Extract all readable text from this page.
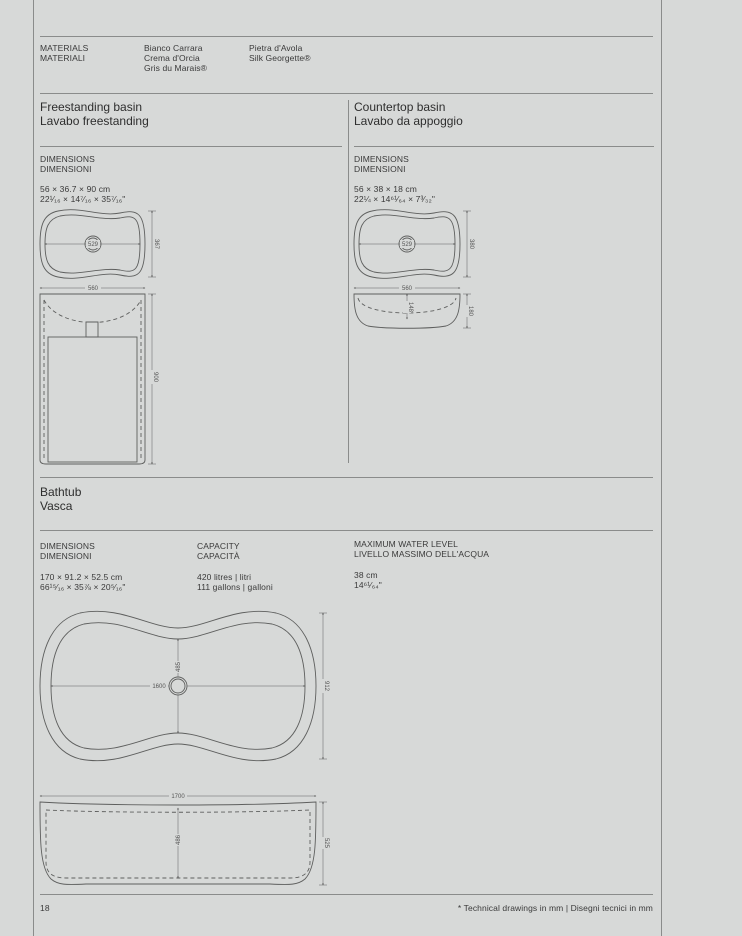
MATERIALS
MATERIALI
Bianco Carrara
Crema d'Orcia
Gris du Marais®
Pietra d'Avola
Silk Georgette®
Freestanding basin
Lavabo freestanding
DIMENSIONS
DIMENSIONI
56 × 36.7 × 90 cm
22¹⁄₁₆ × 14⁷⁄₁₆ × 35⁷⁄₁₆"
Countertop basin
Lavabo da appoggio
DIMENSIONS
DIMENSIONI
56 × 38 × 18 cm
22¼ × 14⁶¹⁄₆₄ × 7³⁄₃₂"
Bathtub
Vasca
DIMENSIONS
DIMENSIONI
170 × 91.2 × 52.5 cm
66¹⁵⁄₁₆ × 35⅞ × 20⁵⁄₁₆"
CAPACITY
CAPACITÀ
420 litres | litri
111 gallons | galloni
MAXIMUM WATER LEVEL
LIVELLO MASSIMO DELL'ACQUA
38 cm
14⁶¹⁄₆₄"
529	367
560
900
529	380
560
148	180
1600
485
912
1700
486	525
18	* Technical drawings in mm | Disegni tecnici in mm
